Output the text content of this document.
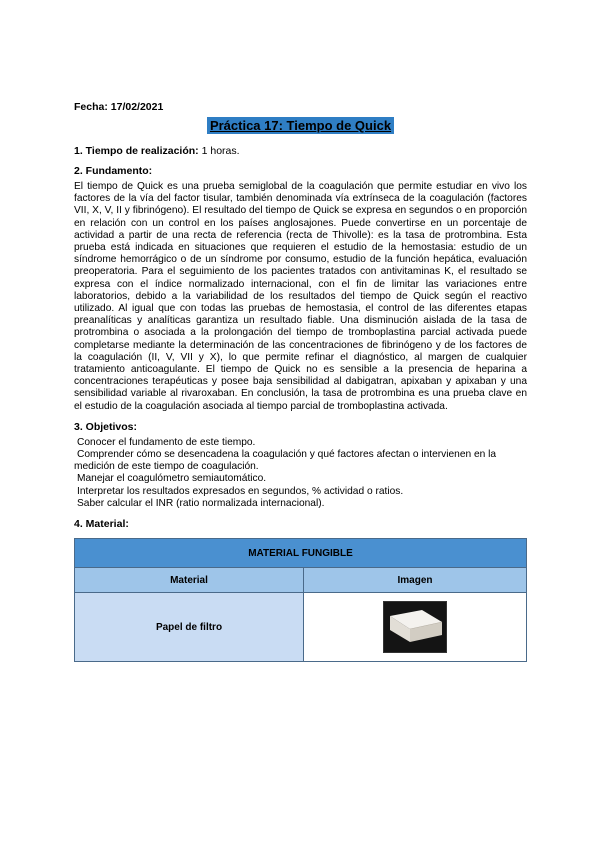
Fecha: 17/02/2021

Práctica 17: Tiempo de Quick

1. Tiempo de realización: 1 horas.

2. Fundamento:

El tiempo de Quick es una prueba semiglobal de la coagulación que permite estudiar en vivo los factores de la vía del factor tisular, también denominada vía extrínseca de la coagulación (factores VII, X, V, II y fibrinógeno). El resultado del tiempo de Quick se expresa en segundos o en proporción en relación con un control en los países anglosajones. Puede convertirse en un porcentaje de actividad a partir de una recta de referencia (recta de Thivolle): es la tasa de protrombina. Esta prueba está indicada en situaciones que requieren el estudio de la hemostasia: estudio de un síndrome hemorrágico o de un síndrome por consumo, estudio de la función hepática, evaluación preoperatoria. Para el seguimiento de los pacientes tratados con antivitaminas K, el resultado se expresa con el índice normalizado internacional, con el fin de limitar las variaciones entre laboratorios, debido a la variabilidad de los resultados del tiempo de Quick según el reactivo utilizado. Al igual que con todas las pruebas de hemostasia, el control de las diferentes etapas preanalíticas y analíticas garantiza un resultado fiable. Una disminución aislada de la tasa de protrombina o asociada a la prolongación del tiempo de tromboplastina parcial activada puede completarse mediante la determinación de las concentraciones de fibrinógeno y de los factores de la coagulación (II, V, VII y X), lo que permite refinar el diagnóstico, al margen de cualquier tratamiento anticoagulante. El tiempo de Quick no es sensible a la presencia de heparina a concentraciones terapéuticas y posee baja sensibilidad al dabigatran, apixaban y apixaban y una sensibilidad variable al rivaroxaban. En conclusión, la tasa de protrombina es una prueba clave en el estudio de la coagulación asociada al tiempo parcial de tromboplastina activada.

3. Objetivos:

Conocer el fundamento de este tiempo.
Comprender cómo se desencadena la coagulación y qué factores afectan o intervienen en la medición de este tiempo de coagulación.
Manejar el coagulómetro semiautomático.
Interpretar los resultados expresados en segundos, % actividad o ratios.
Saber calcular el INR (ratio normalizada internacional).

4. Material:

MATERIAL FUNGIBLE	
Material	Imagen
Papel de filtro	
